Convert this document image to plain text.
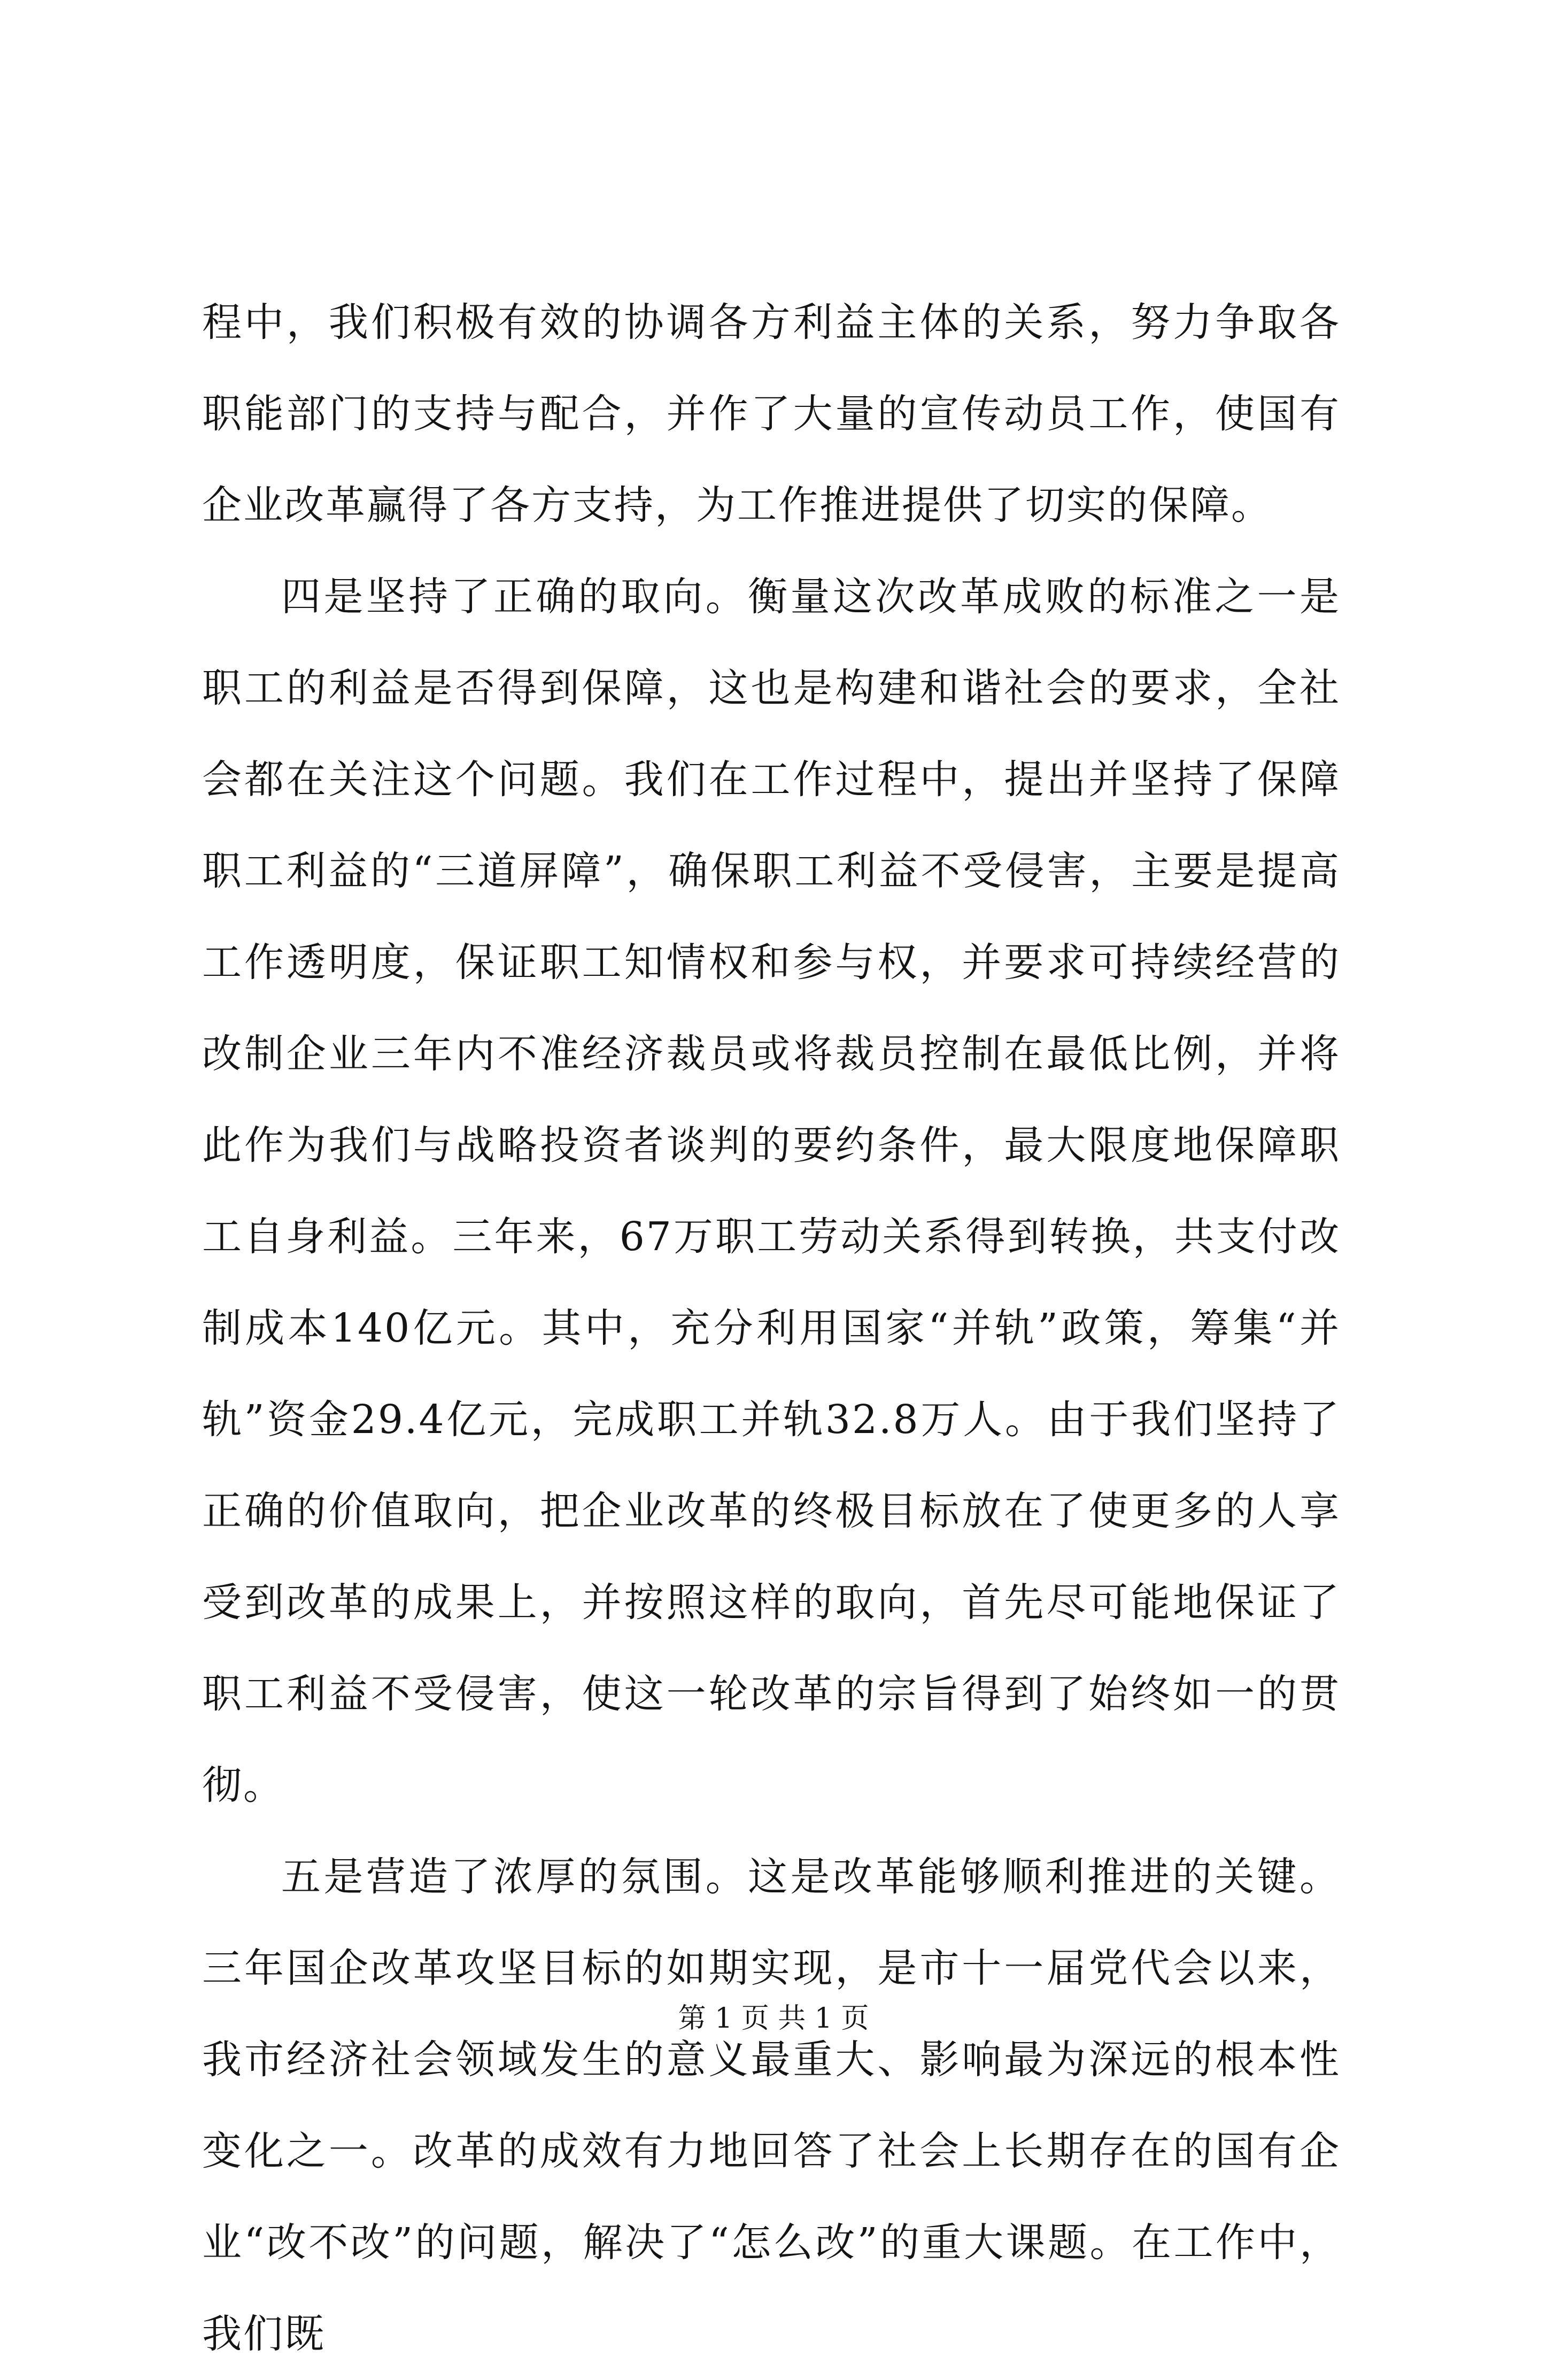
程中，我们积极有效的协调各方利益主体的关系，努力争取各职能部门的支持与配合，并作了大量的宣传动员工作，使国有企业改革赢得了各方支持，为工作推进提供了切实的保障。

四是坚持了正确的取向。衡量这次改革成败的标准之一是职工的利益是否得到保障，这也是构建和谐社会的要求，全社会都在关注这个问题。我们在工作过程中，提出并坚持了保障职工利益的“三道屏障”，确保职工利益不受侵害，主要是提高工作透明度，保证职工知情权和参与权，并要求可持续经营的改制企业三年内不准经济裁员或将裁员控制在最低比例，并将此作为我们与战略投资者谈判的要约条件，最大限度地保障职工自身利益。三年来，67万职工劳动关系得到转换，共支付改制成本140亿元。其中，充分利用国家“并轨”政策，筹集“并轨”资金29.4亿元，完成职工并轨32.8万人。由于我们坚持了正确的价值取向，把企业改革的终极目标放在了使更多的人享受到改革的成果上，并按照这样的取向，首先尽可能地保证了职工利益不受侵害，使这一轮改革的宗旨得到了始终如一的贯彻。

五是营造了浓厚的氛围。这是改革能够顺利推进的关键。三年国企改革攻坚目标的如期实现，是市十一届党代会以来，我市经济社会领域发生的意义最重大、影响最为深远的根本性变化之一。改革的成效有力地回答了社会上长期存在的国有企业“改不改”的问题，解决了“怎么改”的重大课题。在工作中，我们既

第 1 页 共 1 页
